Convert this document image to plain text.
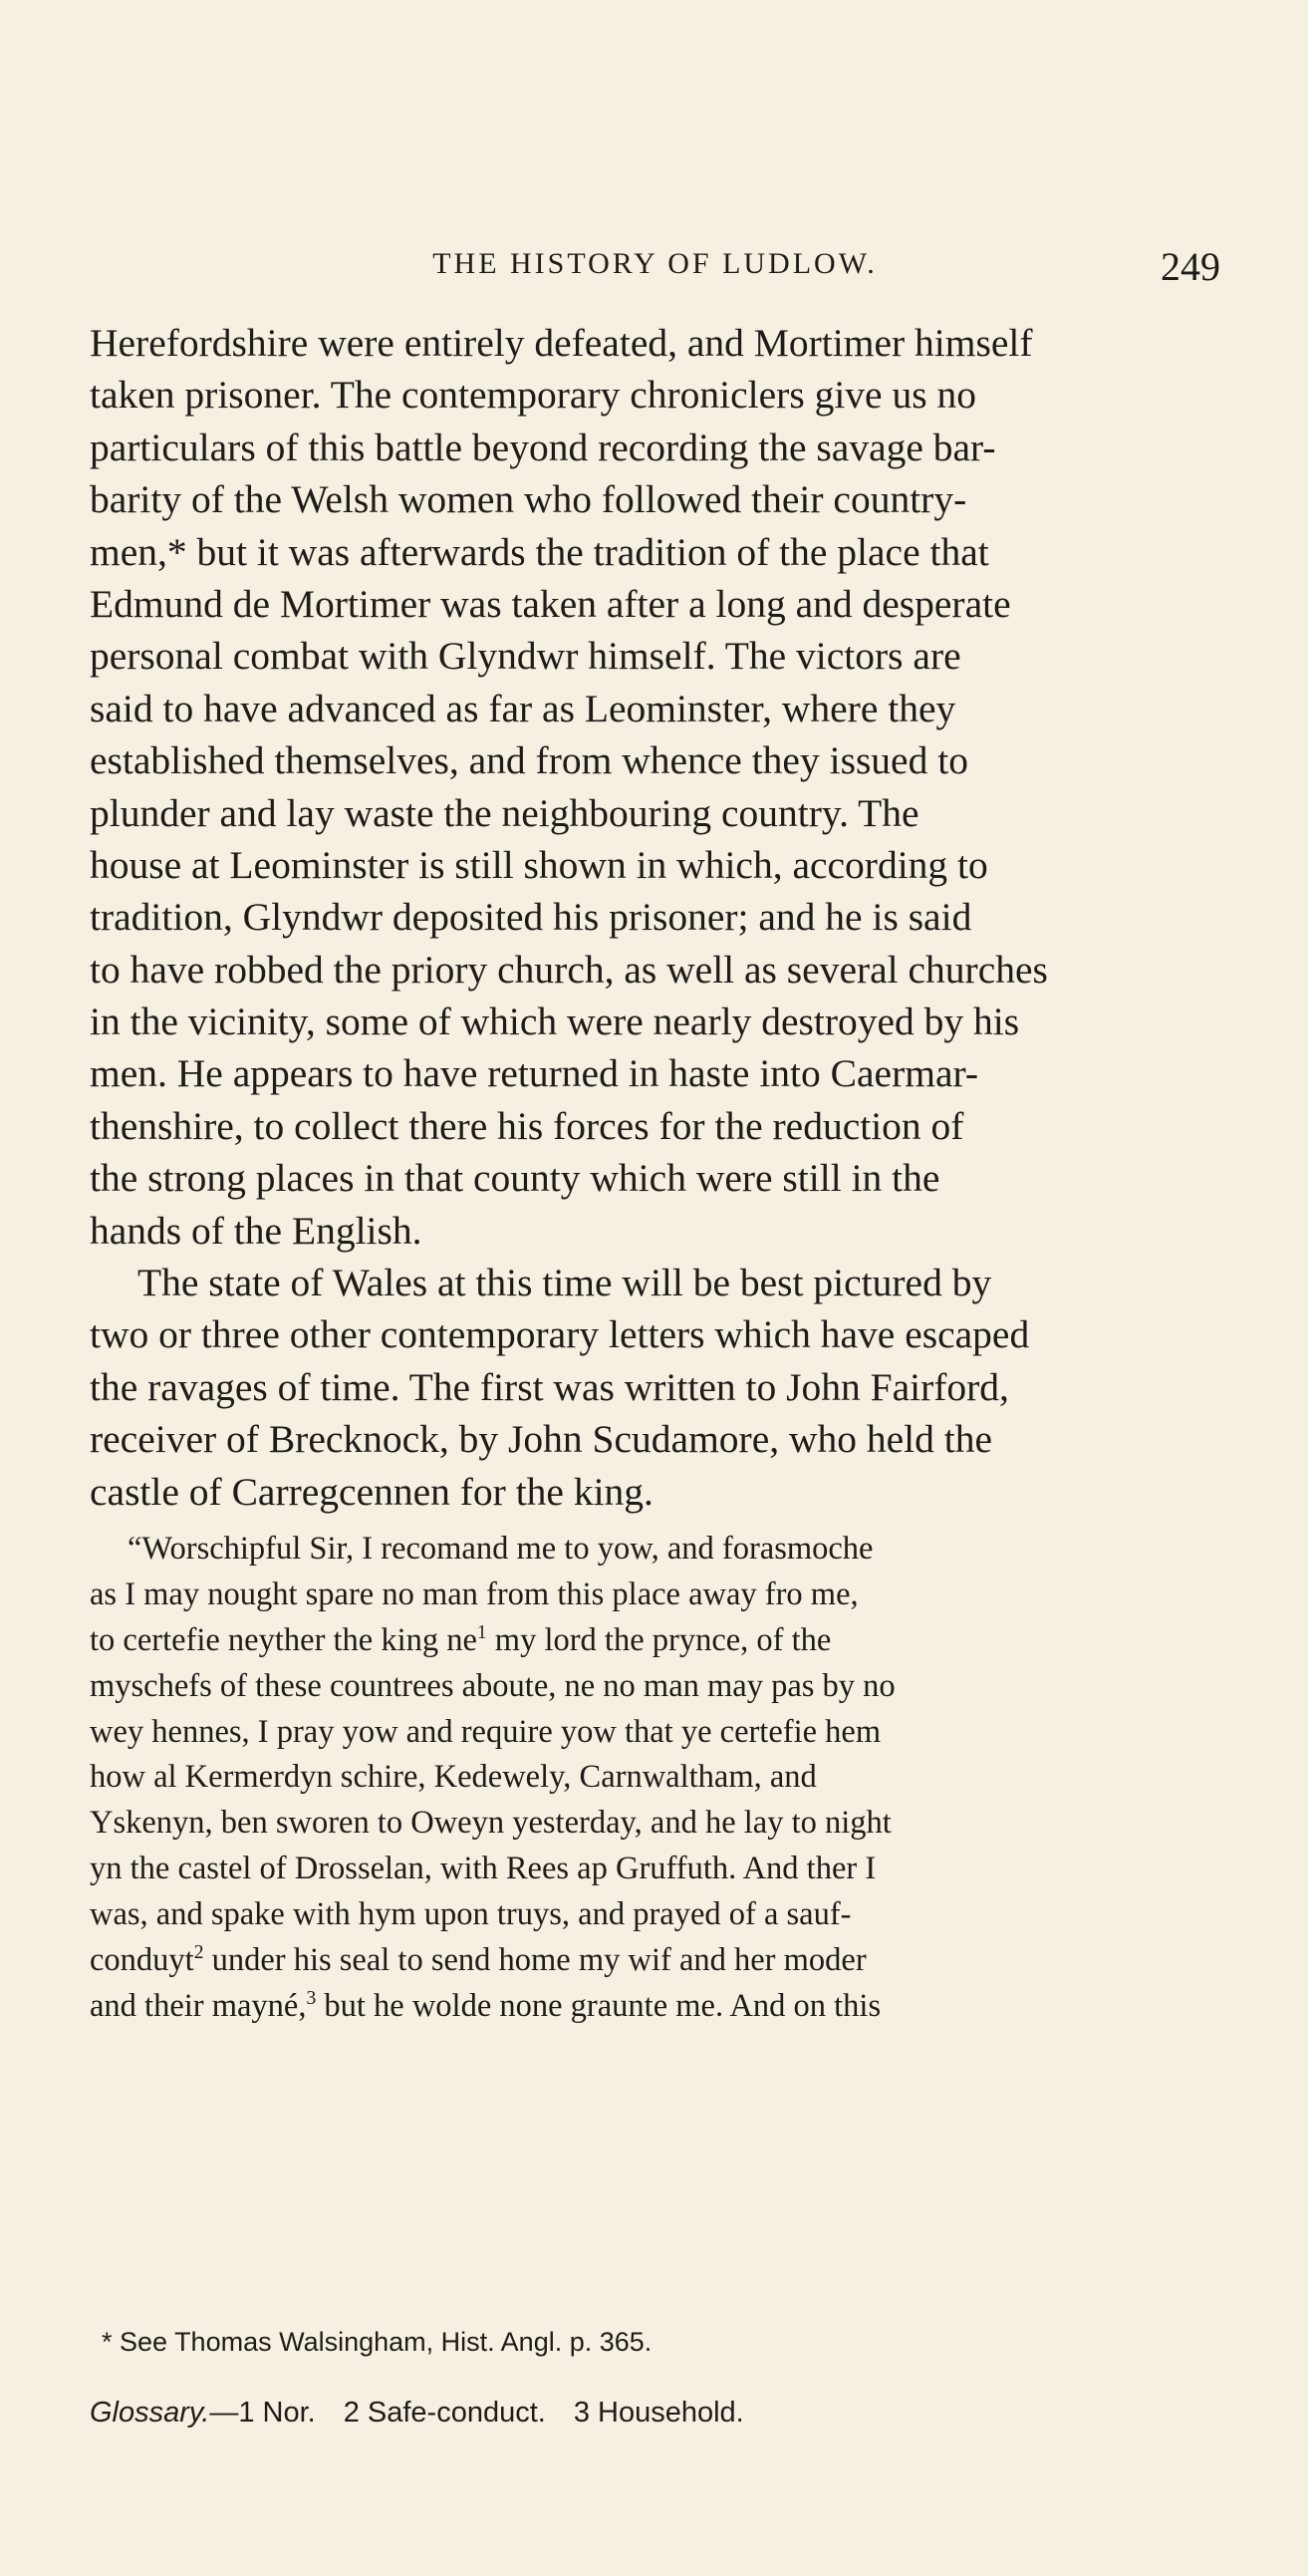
THE HISTORY OF LUDLOW.	249
Herefordshire were entirely defeated, and Mortimer himself
taken prisoner. The contemporary chroniclers give us no
particulars of this battle beyond recording the savage bar-
barity of the Welsh women who followed their country-
men,* but it was afterwards the tradition of the place that
Edmund de Mortimer was taken after a long and desperate
personal combat with Glyndwr himself. The victors are
said to have advanced as far as Leominster, where they
established themselves, and from whence they issued to
plunder and lay waste the neighbouring country. The
house at Leominster is still shown in which, according to
tradition, Glyndwr deposited his prisoner; and he is said
to have robbed the priory church, as well as several churches
in the vicinity, some of which were nearly destroyed by his
men. He appears to have returned in haste into Caermar-
thenshire, to collect there his forces for the reduction of
the strong places in that county which were still in the
hands of the English.
The state of Wales at this time will be best pictured by
two or three other contemporary letters which have escaped
the ravages of time. The first was written to John Fairford,
receiver of Brecknock, by John Scudamore, who held the
castle of Carregcennen for the king.
“Worschipful Sir, I recomand me to yow, and forasmoche
as I may nought spare no man from this place away fro me,
to certefie neyther the king $ne^1$ my lord the prynce, of the
myschefs of these countrees aboute, ne no man may pas by no
wey hennes, I pray yow and require yow that ye certefie hem
how al Kermerdyn schire, Kedewely, Carnwaltham, and
Yskenyn, ben sworen to Oweyn yesterday, and he lay to night
yn the castel of Drosselan, with Rees ap Gruffuth. And ther I
was, and spake with hym upon truys, and prayed of a sauf-
conduyt$^2$ under his seal to send home my wif and her moder
and their mayné,$^3$ but he wolde none graunte me. And on this
* See Thomas Walsingham, Hist. Angl. p. 365.
Glossary.—1 Nor. 2 Safe-conduct. 3 Household.
